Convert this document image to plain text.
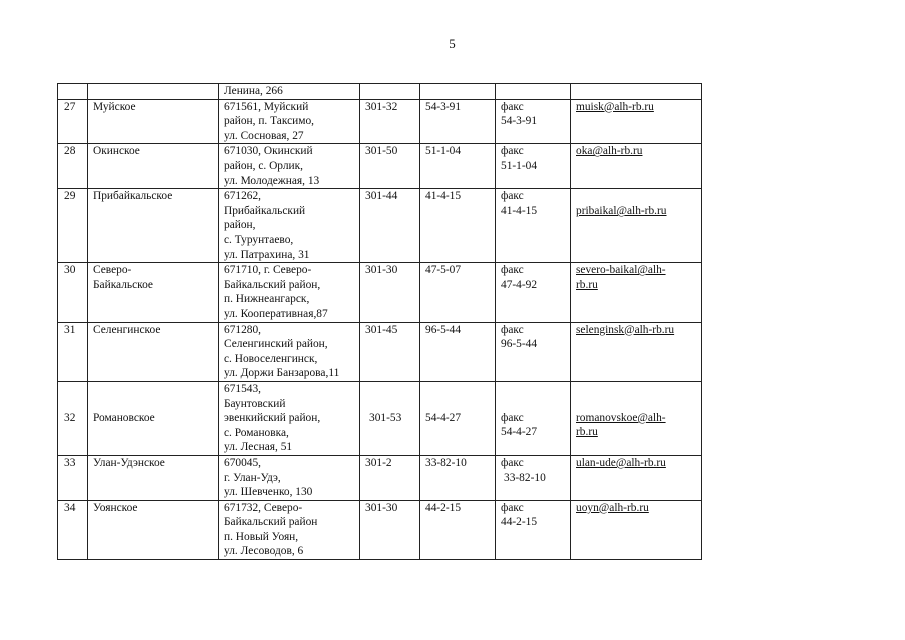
5

		Ленина, 266				

27	Муйское	671561, Муйский
район, п. Таксимо,
ул. Сосновая, 27	301-32	54-3-91	факс
54-3-91	muisk@alh-rb.ru

28	Окинское	671030, Окинский
район, с. Орлик,
ул. Молодежная, 13	301-50	51-1-04	факс
51-1-04	oka@alh-rb.ru

29	Прибайкальское	671262,
Прибайкальский
район,
с. Турунтаево,
ул. Патрахина, 31	301-44	41-4-15	факс
41-4-15	pribaikal@alh-rb.ru

30	Северо-
Байкальское	671710, г. Северо-
Байкальский район,
п. Нижнеангарск,
ул. Кооперативная,87	301-30	47-5-07	факс
47-4-92	severo-baikal@alh-
rb.ru

31	Селенгинское	671280,
Селенгинский район,
с. Новоселенгинск,
ул. Доржи Банзарова,11	301-45	96-5-44	факс
96-5-44	selenginsk@alh-rb.ru

32	Романовское	671543,
Баунтовский
эвенкийский район,
с. Романовка,
ул. Лесная, 51	301-53	54-4-27	факс
54-4-27	romanovskoe@alh-
rb.ru

33	Улан-Удэнское	670045,
г. Улан-Удэ,
ул. Шевченко, 130	301-2	33-82-10	факс
33-82-10	ulan-ude@alh-rb.ru

34	Уоянское	671732, Северо-
Байкальский район
п. Новый Уоян,
ул. Лесоводов, 6	301-30	44-2-15	факс
44-2-15	uoyn@alh-rb.ru
